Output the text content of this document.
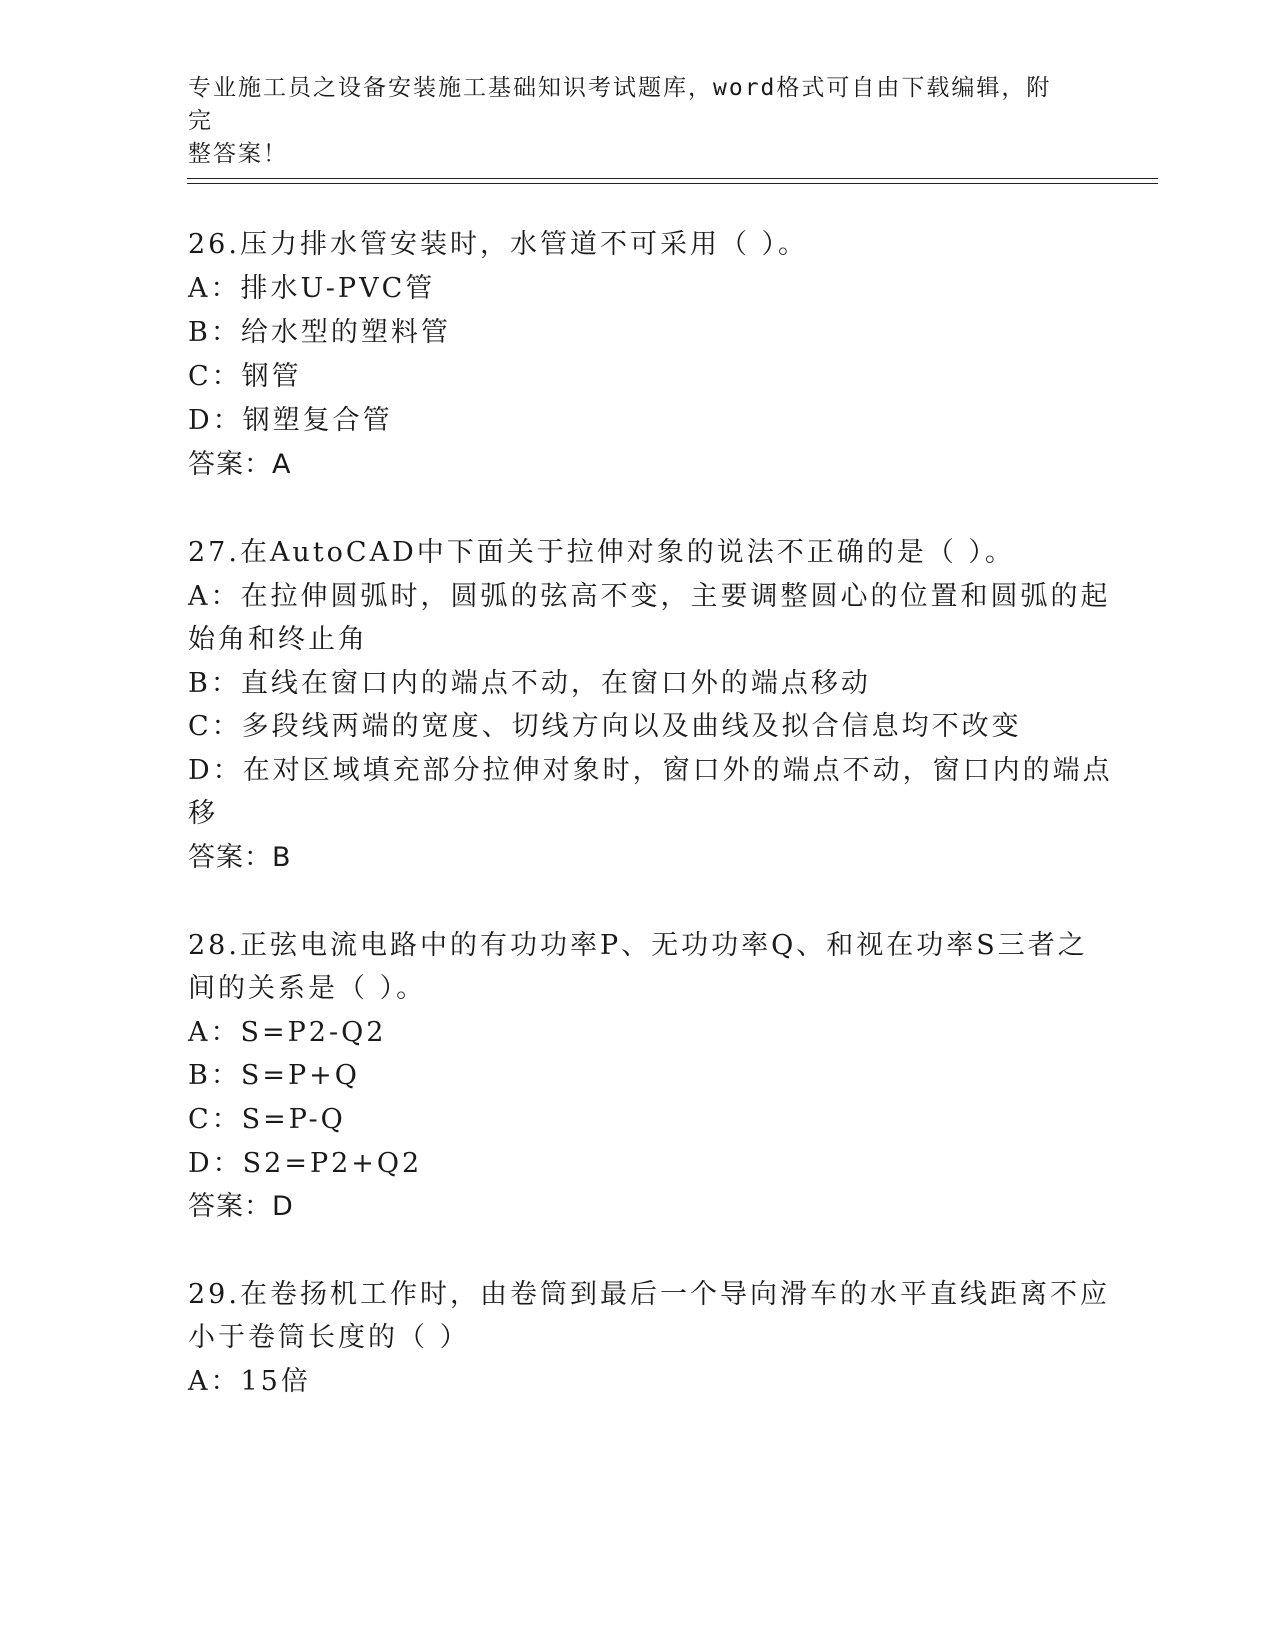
专业施工员之设备安装施工基础知识考试题库，word格式可自由下载编辑，附完
整答案！
26.压力排水管安装时，水管道不可采用（ ）。
A：排水U-PVC管
B：给水型的塑料管
C：钢管
D：钢塑复合管
答案：A
27.在AutoCAD中下面关于拉伸对象的说法不正确的是（ ）。
A：在拉伸圆弧时，圆弧的弦高不变，主要调整圆心的位置和圆弧的起
始角和终止角
B：直线在窗口内的端点不动，在窗口外的端点移动
C：多段线两端的宽度、切线方向以及曲线及拟合信息均不改变
D：在对区域填充部分拉伸对象时，窗口外的端点不动，窗口内的端点
移
答案：B
28.正弦电流电路中的有功功率P、无功功率Q、和视在功率S三者之
间的关系是（ ）。
A：S=P2-Q2
B：S=P+Q
C：S=P-Q
D：S2=P2+Q2
答案：D
29.在卷扬机工作时，由卷筒到最后一个导向滑车的水平直线距离不应
小于卷筒长度的（ ）
A：15倍
